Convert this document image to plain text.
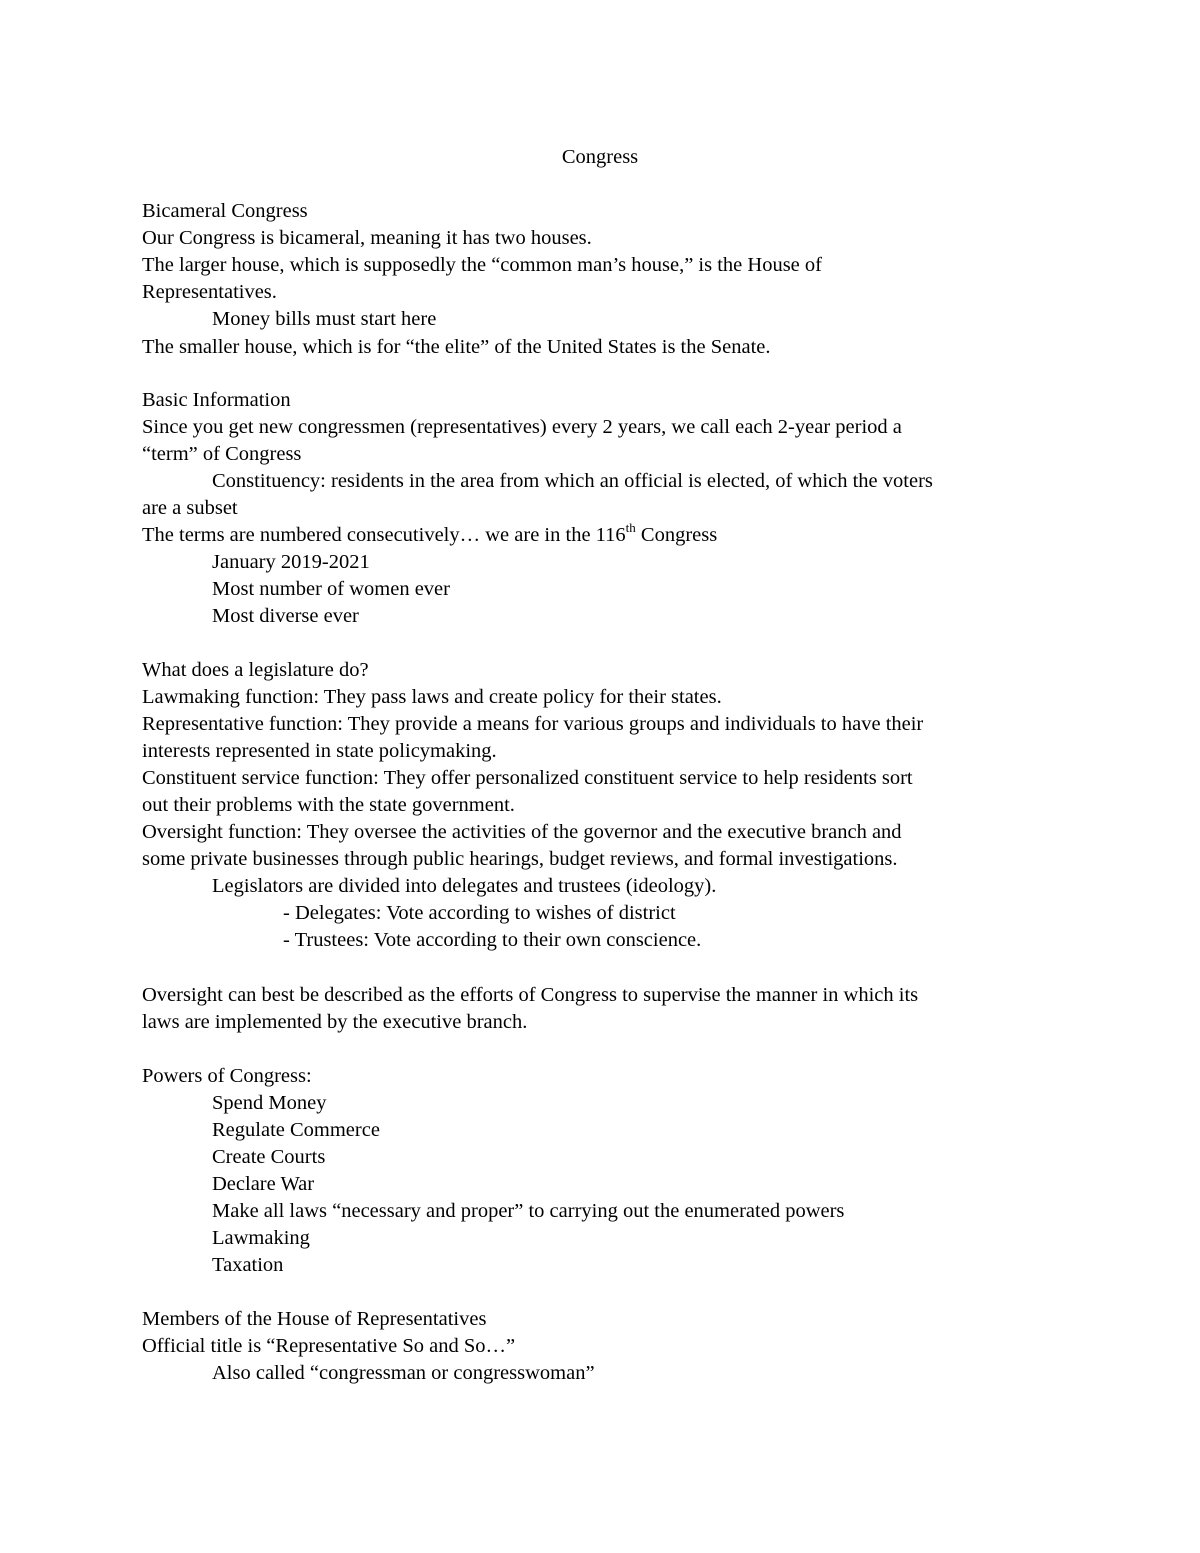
Congress
Bicameral Congress
Our Congress is bicameral, meaning it has two houses.
The larger house, which is supposedly the “common man’s house,” is the House of
Representatives.
Money bills must start here
The smaller house, which is for “the elite” of the United States is the Senate.
Basic Information
Since you get new congressmen (representatives) every 2 years, we call each 2-year period a
“term” of Congress
Constituency: residents in the area from which an official is elected, of which the voters
are a subset
The terms are numbered consecutively… we are in the 116th Congress
January 2019-2021
Most number of women ever
Most diverse ever
What does a legislature do?
Lawmaking function: They pass laws and create policy for their states.
Representative function: They provide a means for various groups and individuals to have their
interests represented in state policymaking.
Constituent service function: They offer personalized constituent service to help residents sort
out their problems with the state government.
Oversight function: They oversee the activities of the governor and the executive branch and
some private businesses through public hearings, budget reviews, and formal investigations.
Legislators are divided into delegates and trustees (ideology).
- Delegates: Vote according to wishes of district
- Trustees: Vote according to their own conscience.
Oversight can best be described as the efforts of Congress to supervise the manner in which its
laws are implemented by the executive branch.
Powers of Congress:
Spend Money
Regulate Commerce
Create Courts
Declare War
Make all laws “necessary and proper” to carrying out the enumerated powers
Lawmaking
Taxation
Members of the House of Representatives
Official title is “Representative So and So…”
Also called “congressman or congresswoman”
